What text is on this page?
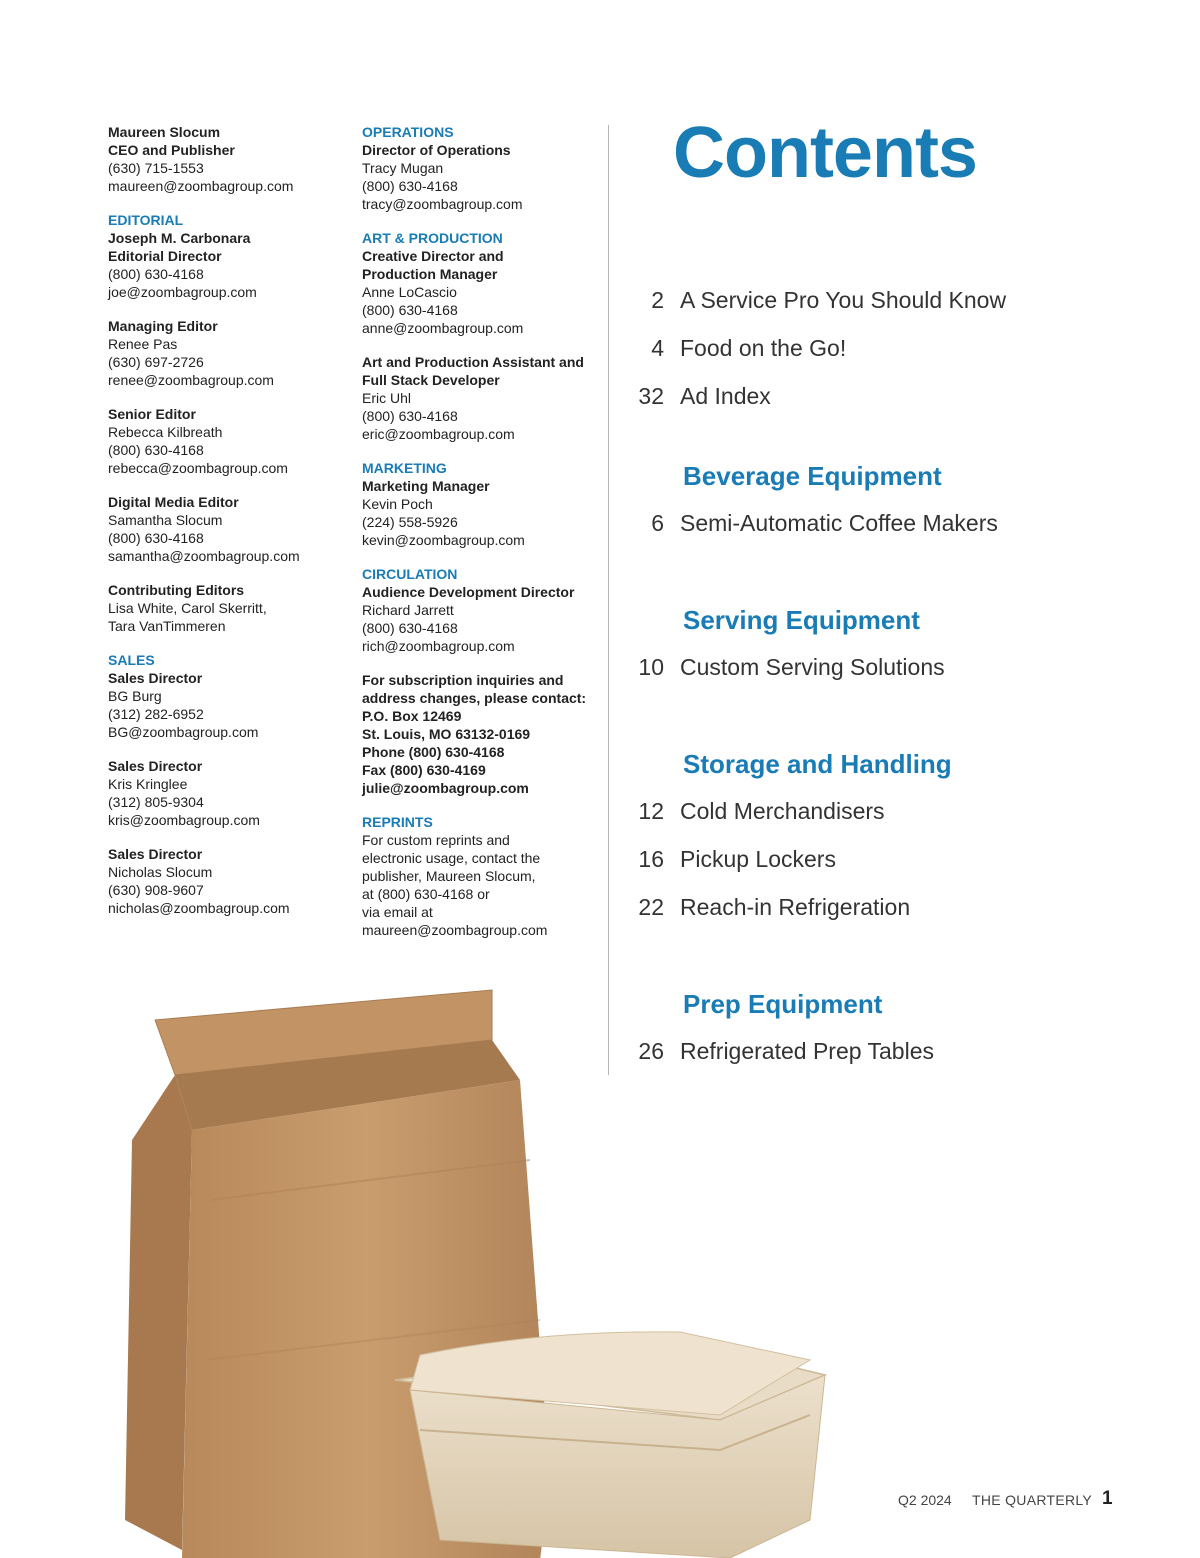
Maureen Slocum
CEO and Publisher
(630) 715-1553
maureen@zoombagroup.com
EDITORIAL
Joseph M. Carbonara
Editorial Director
(800) 630-4168
joe@zoombagroup.com
Managing Editor
Renee Pas
(630) 697-2726
renee@zoombagroup.com
Senior Editor
Rebecca Kilbreath
(800) 630-4168
rebecca@zoombagroup.com
Digital Media Editor
Samantha Slocum
(800) 630-4168
samantha@zoombagroup.com
Contributing Editors
Lisa White, Carol Skerritt,
Tara VanTimmeren
SALES
Sales Director
BG Burg
(312) 282-6952
BG@zoombagroup.com
Sales Director
Kris Kringlee
(312) 805-9304
kris@zoombagroup.com
Sales Director
Nicholas Slocum
(630) 908-9607
nicholas@zoombagroup.com
OPERATIONS
Director of Operations
Tracy Mugan
(800) 630-4168
tracy@zoombagroup.com
ART & PRODUCTION
Creative Director and
Production Manager
Anne LoCascio
(800) 630-4168
anne@zoombagroup.com
Art and Production Assistant and
Full Stack Developer
Eric Uhl
(800) 630-4168
eric@zoombagroup.com
MARKETING
Marketing Manager
Kevin Poch
(224) 558-5926
kevin@zoombagroup.com
CIRCULATION
Audience Development Director
Richard Jarrett
(800) 630-4168
rich@zoombagroup.com
For subscription inquiries and
address changes, please contact:
P.O. Box 12469
St. Louis, MO 63132-0169
Phone (800) 630-4168
Fax (800) 630-4169
julie@zoombagroup.com
REPRINTS
For custom reprints and
electronic usage, contact the
publisher, Maureen Slocum,
at (800) 630-4168 or
via email at
maureen@zoombagroup.com
Contents
2 A Service Pro You Should Know
4 Food on the Go!
32 Ad Index
Beverage Equipment
6 Semi-Automatic Coffee Makers
Serving Equipment
10 Custom Serving Solutions
Storage and Handling
12 Cold Merchandisers
16 Pickup Lockers
22 Reach-in Refrigeration
Prep Equipment
26 Refrigerated Prep Tables
Q2 2024 THE QUARTERLY 1
